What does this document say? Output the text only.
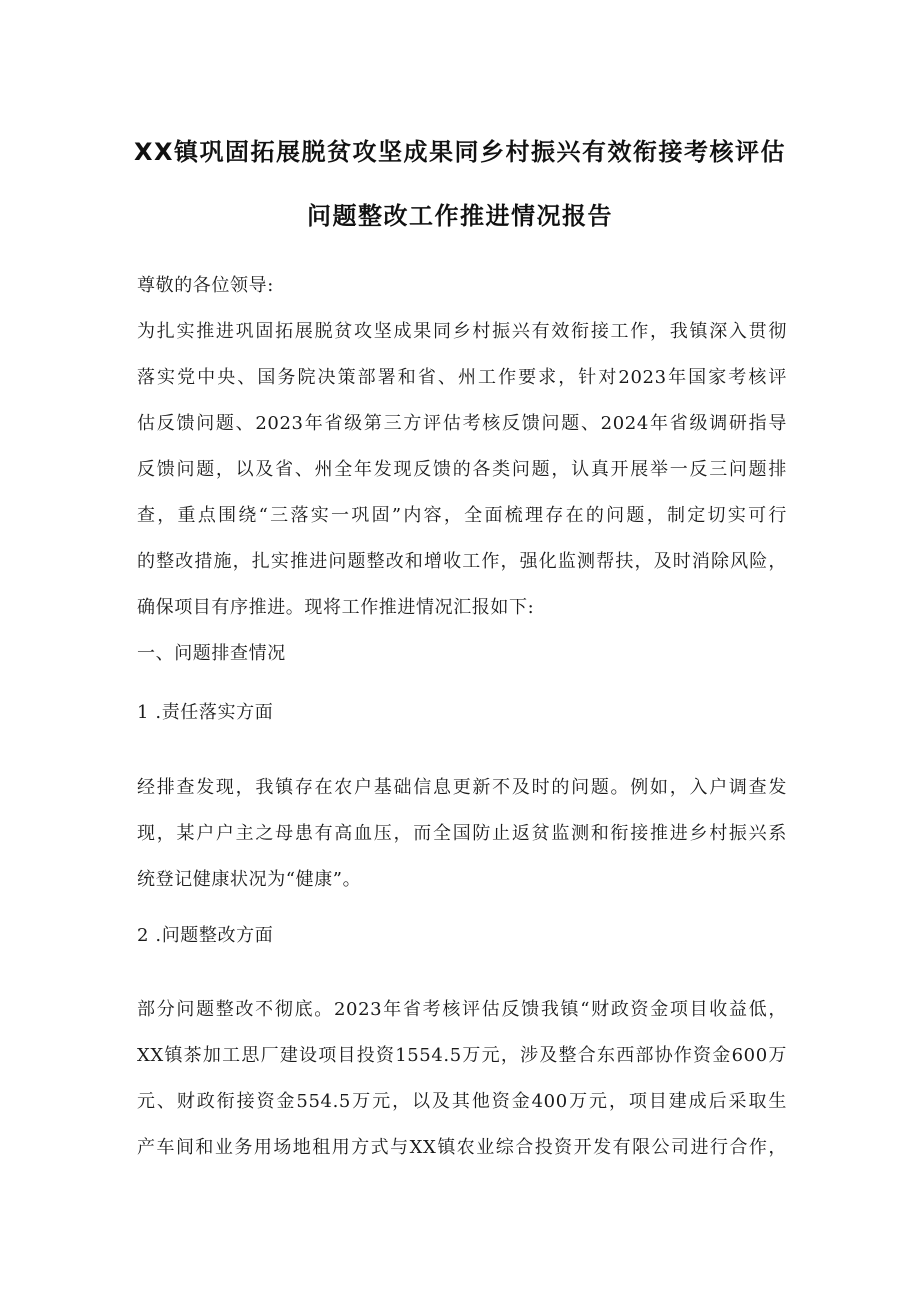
XX镇巩固拓展脱贫攻坚成果同乡村振兴有效衔接考核评估
问题整改工作推进情况报告
尊敬的各位领导:
为扎实推进巩固拓展脱贫攻坚成果同乡村振兴有效衔接工作，我镇深入贯彻
落实党中央、国务院决策部署和省、州工作要求，针对2023年国家考核评
估反馈问题、2023年省级第三方评估考核反馈问题、2024年省级调研指导
反馈问题，以及省、州全年发现反馈的各类问题，认真开展举一反三问题排
查，重点围绕“三落实一巩固”内容，全面梳理存在的问题，制定切实可行
的整改措施，扎实推进问题整改和增收工作，强化监测帮扶，及时消除风险，
确保项目有序推进。现将工作推进情况汇报如下:
一、问题排查情况
1 .责任落实方面
经排查发现，我镇存在农户基础信息更新不及时的问题。例如，入户调查发
现，某户户主之母患有高血压，而全国防止返贫监测和衔接推进乡村振兴系
统登记健康状况为“健康”。
2 .问题整改方面
部分问题整改不彻底。2023年省考核评估反馈我镇“财政资金项目收益低，
XX镇茶加工思厂建设项目投资1554.5万元，涉及整合东西部协作资金600万
元、财政衔接资金554.5万元，以及其他资金400万元，项目建成后采取生
产车间和业务用场地租用方式与XX镇农业综合投资开发有限公司进行合作，
